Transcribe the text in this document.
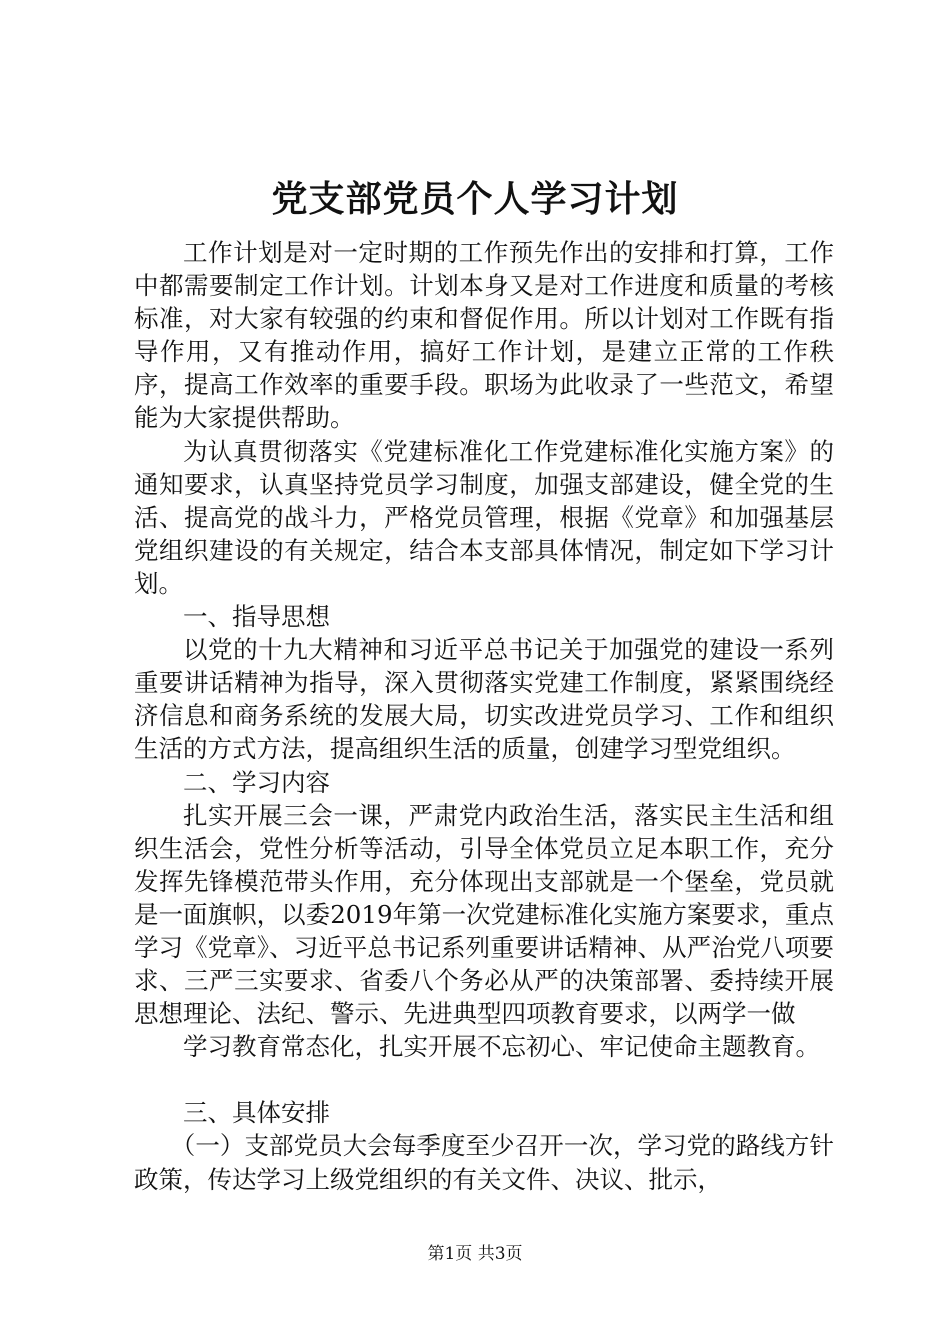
党支部党员个人学习计划

工作计划是对一定时期的工作预先作出的安排和打算，工作中都需要制定工作计划。计划本身又是对工作进度和质量的考核标准，对大家有较强的约束和督促作用。所以计划对工作既有指导作用，又有推动作用，搞好工作计划，是建立正常的工作秩序，提高工作效率的重要手段。职场为此收录了一些范文，希望能为大家提供帮助。

为认真贯彻落实《党建标准化工作党建标准化实施方案》的通知要求，认真坚持党员学习制度，加强支部建设，健全党的生活、提高党的战斗力，严格党员管理，根据《党章》和加强基层党组织建设的有关规定，结合本支部具体情况，制定如下学习计划。

一、指导思想

以党的十九大精神和习近平总书记关于加强党的建设一系列重要讲话精神为指导，深入贯彻落实党建工作制度，紧紧围绕经济信息和商务系统的发展大局，切实改进党员学习、工作和组织生活的方式方法，提高组织生活的质量，创建学习型党组织。

二、学习内容

扎实开展三会一课，严肃党内政治生活，落实民主生活和组织生活会，党性分析等活动，引导全体党员立足本职工作，充分发挥先锋模范带头作用，充分体现出支部就是一个堡垒，党员就是一面旗帜，以委2019年第一次党建标准化实施方案要求，重点学习《党章》、习近平总书记系列重要讲话精神、从严治党八项要求、三严三实要求、省委八个务必从严的决策部署、委持续开展思想理论、法纪、警示、先进典型四项教育要求，以两学一做

学习教育常态化，扎实开展不忘初心、牢记使命主题教育。

三、具体安排

（一）支部党员大会每季度至少召开一次，学习党的路线方针政策，传达学习上级党组织的有关文件、决议、批示，

第1页 共3页
